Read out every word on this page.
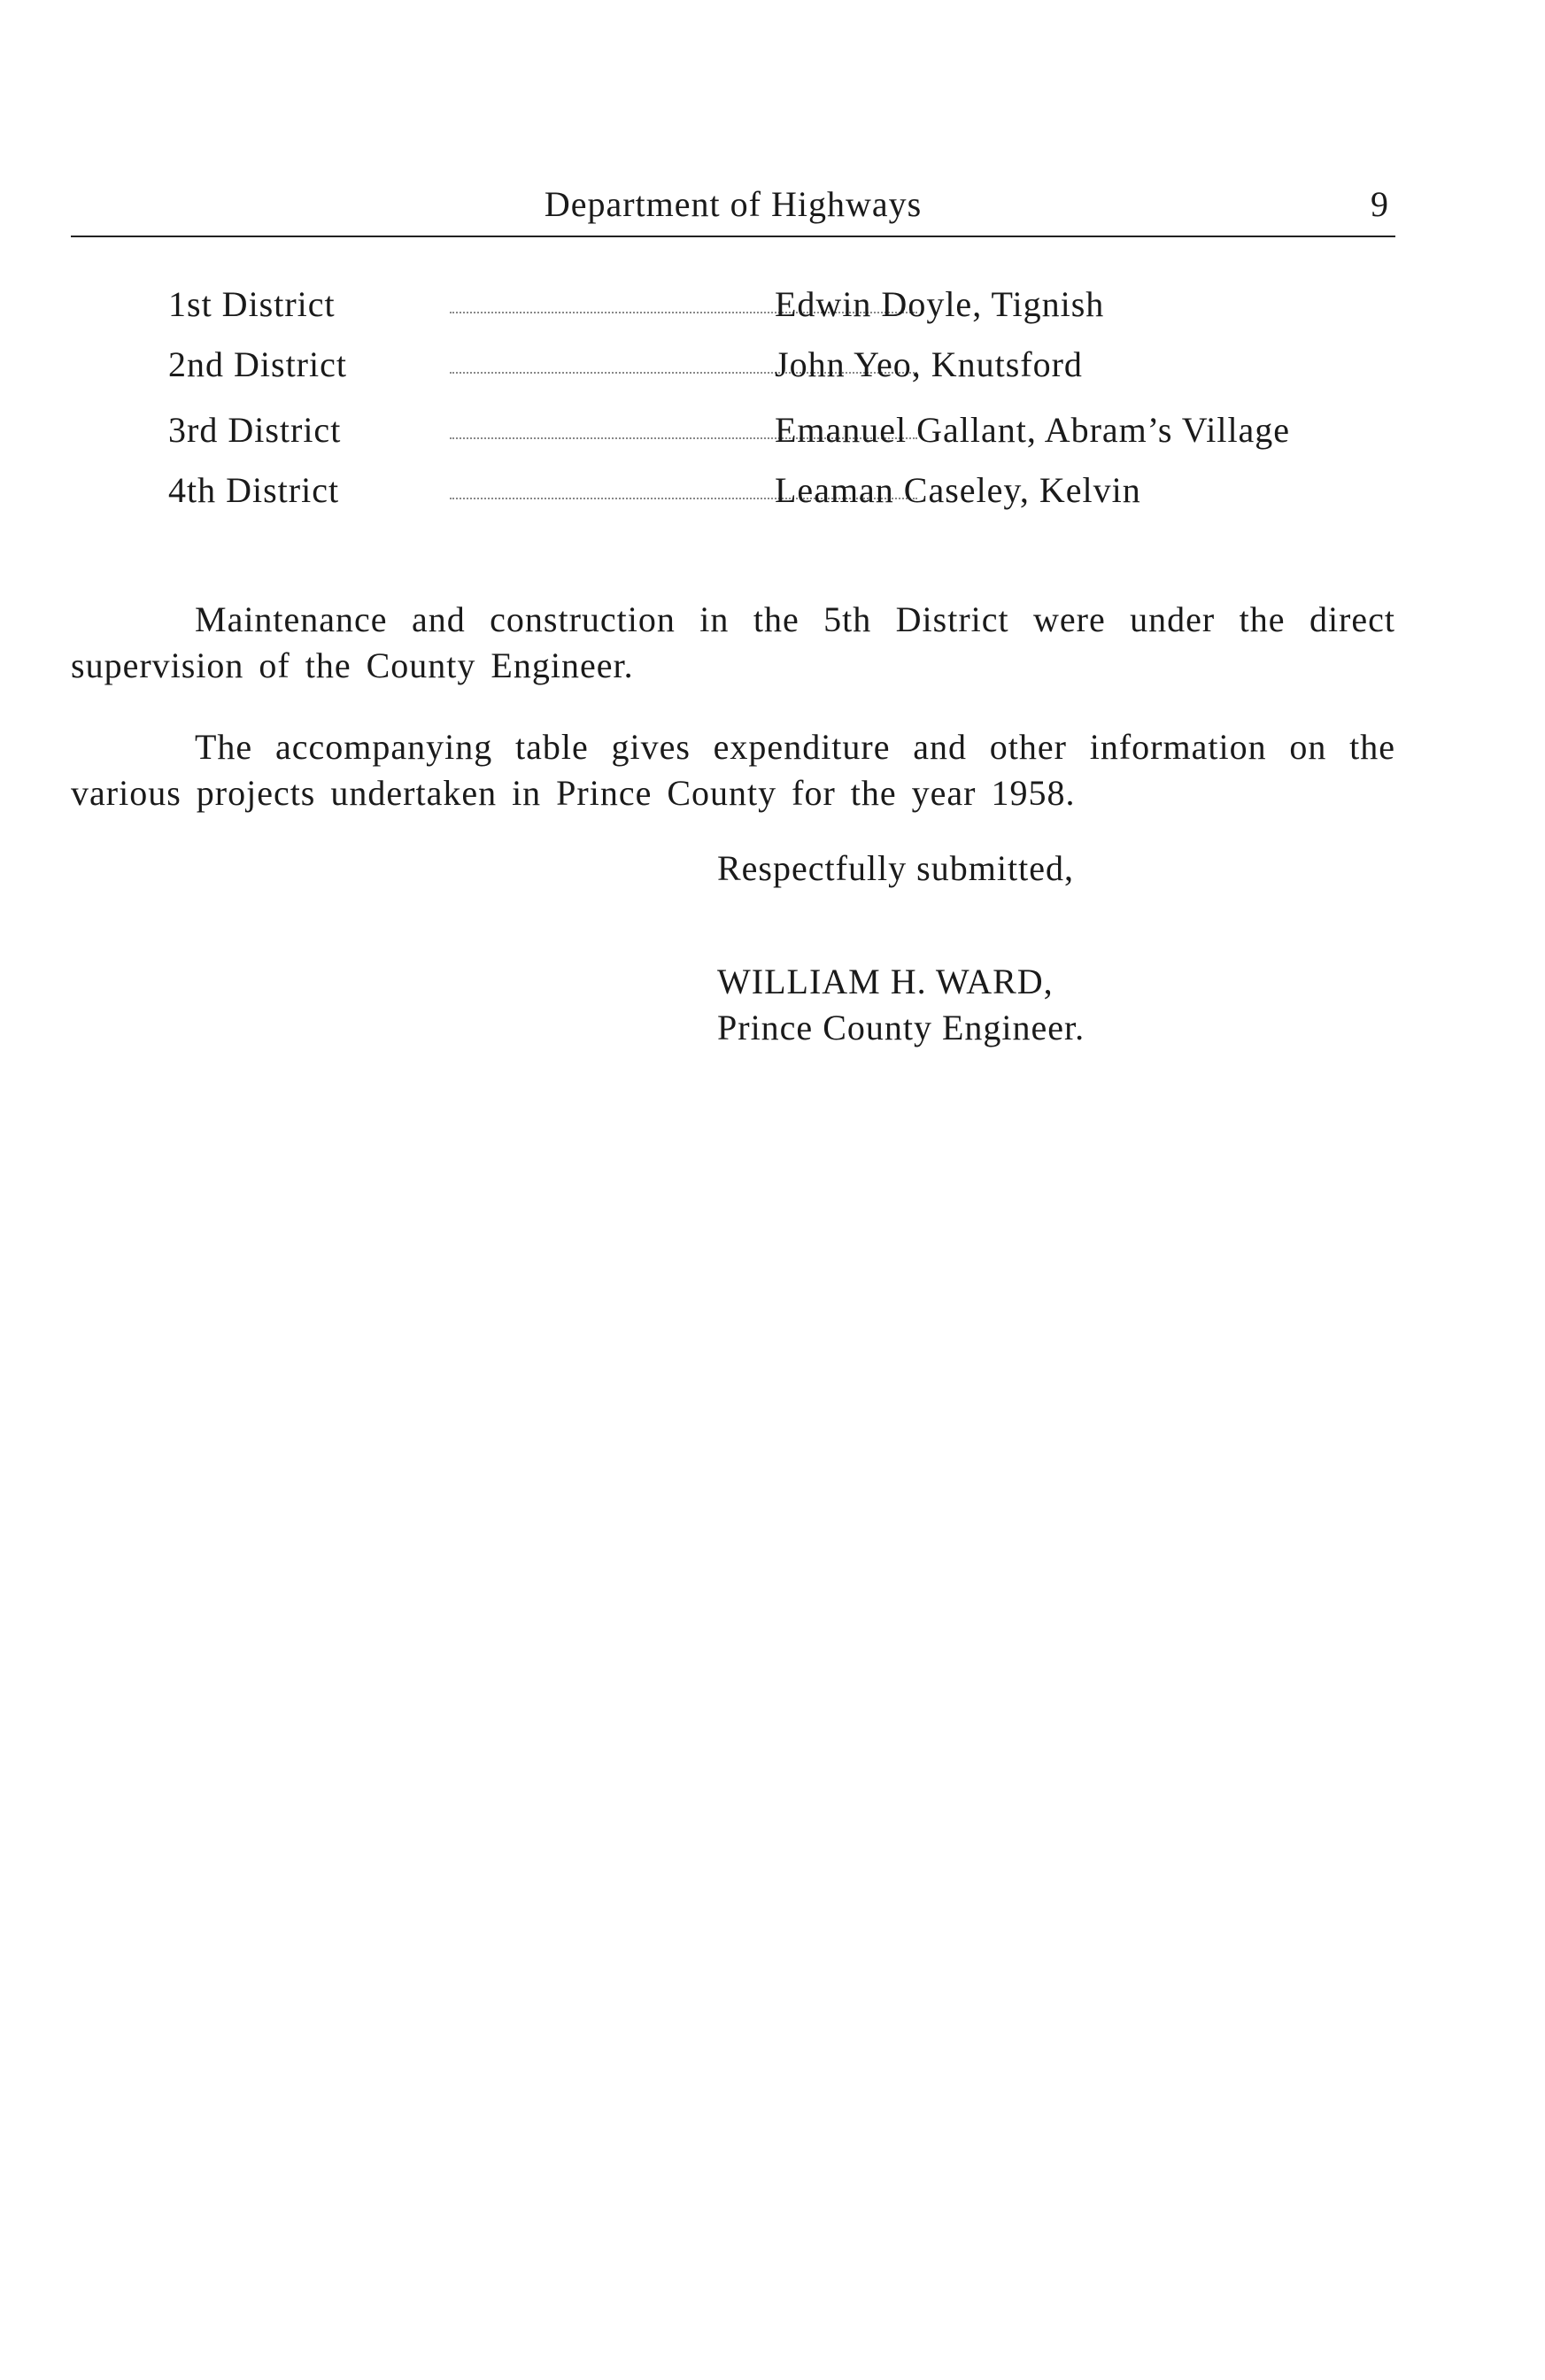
Department of Highways	9
1st District	Edwin Doyle, Tignish
2nd District	John Yeo, Knutsford
3rd District	Emanuel Gallant, Abram’s Village
4th District	Leaman Caseley, Kelvin

Maintenance and construction in the 5th District were under the direct supervision of the County Engineer.

The accompanying table gives expenditure and other information on the various projects undertaken in Prince County for the year 1958.

Respectfully submitted,
WILLIAM H. WARD,
Prince County Engineer.
